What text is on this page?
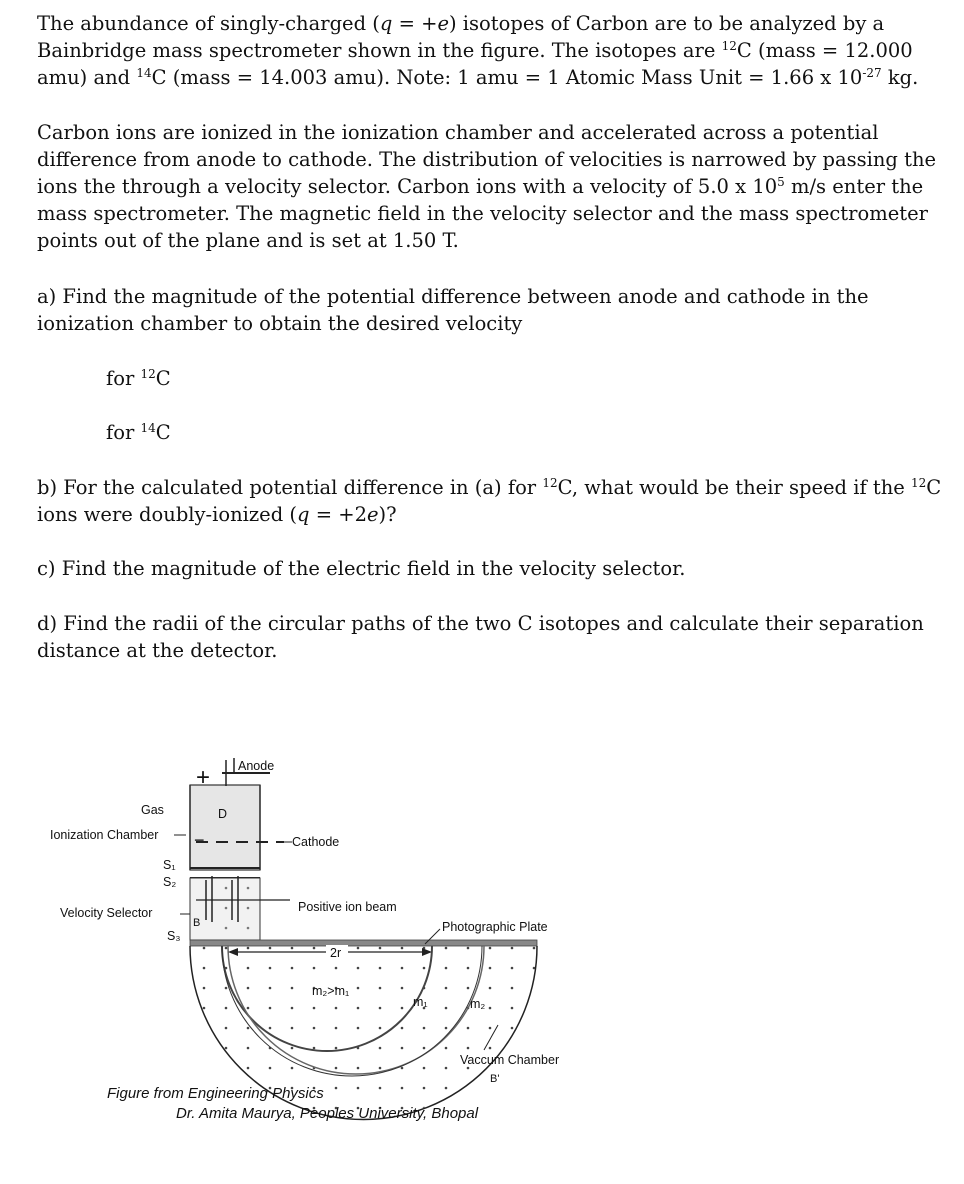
The abundance of singly-charged (q = +e) isotopes of Carbon are to be analyzed by a Bainbridge mass spectrometer shown in the figure. The isotopes are $^{12}$C (mass = 12.000 amu) and $^{14}$C (mass = 14.003 amu). Note: 1 amu = 1 Atomic Mass Unit = 1.66 x $10^{-27}$ kg.

Carbon ions are ionized in the ionization chamber and accelerated across a potential difference from anode to cathode. The distribution of velocities is narrowed by passing the ions the through a velocity selector. Carbon ions with a velocity of 5.0 x $10^5$ m/s enter the mass spectrometer. The magnetic field in the velocity selector and the mass spectrometer points out of the plane and is set at 1.50 T.

a) Find the magnitude of the potential difference between anode and cathode in the ionization chamber to obtain the desired velocity

for $^{12}$C

for $^{14}$C

b) For the calculated potential difference in (a) for $^{12}$C, what would be their speed if the $^{12}$C ions were doubly-ionized (q = +2e)?

c) Find the magnitude of the electric field in the velocity selector.

d) Find the radii of the circular paths of the two C isotopes and calculate their separation distance at the detector.

+ Anode
D
−	Cathode
Gas
Ionization Chamber
S₁
S₂
Positive ion beam
Velocity Selector
B
S₃
Photographic Plate
2r
m₂>m₁
m₁	m₂
Vaccum Chamber
B'
Figure from Engineering Physics
Dr. Amita Maurya, Peoples University, Bhopal
